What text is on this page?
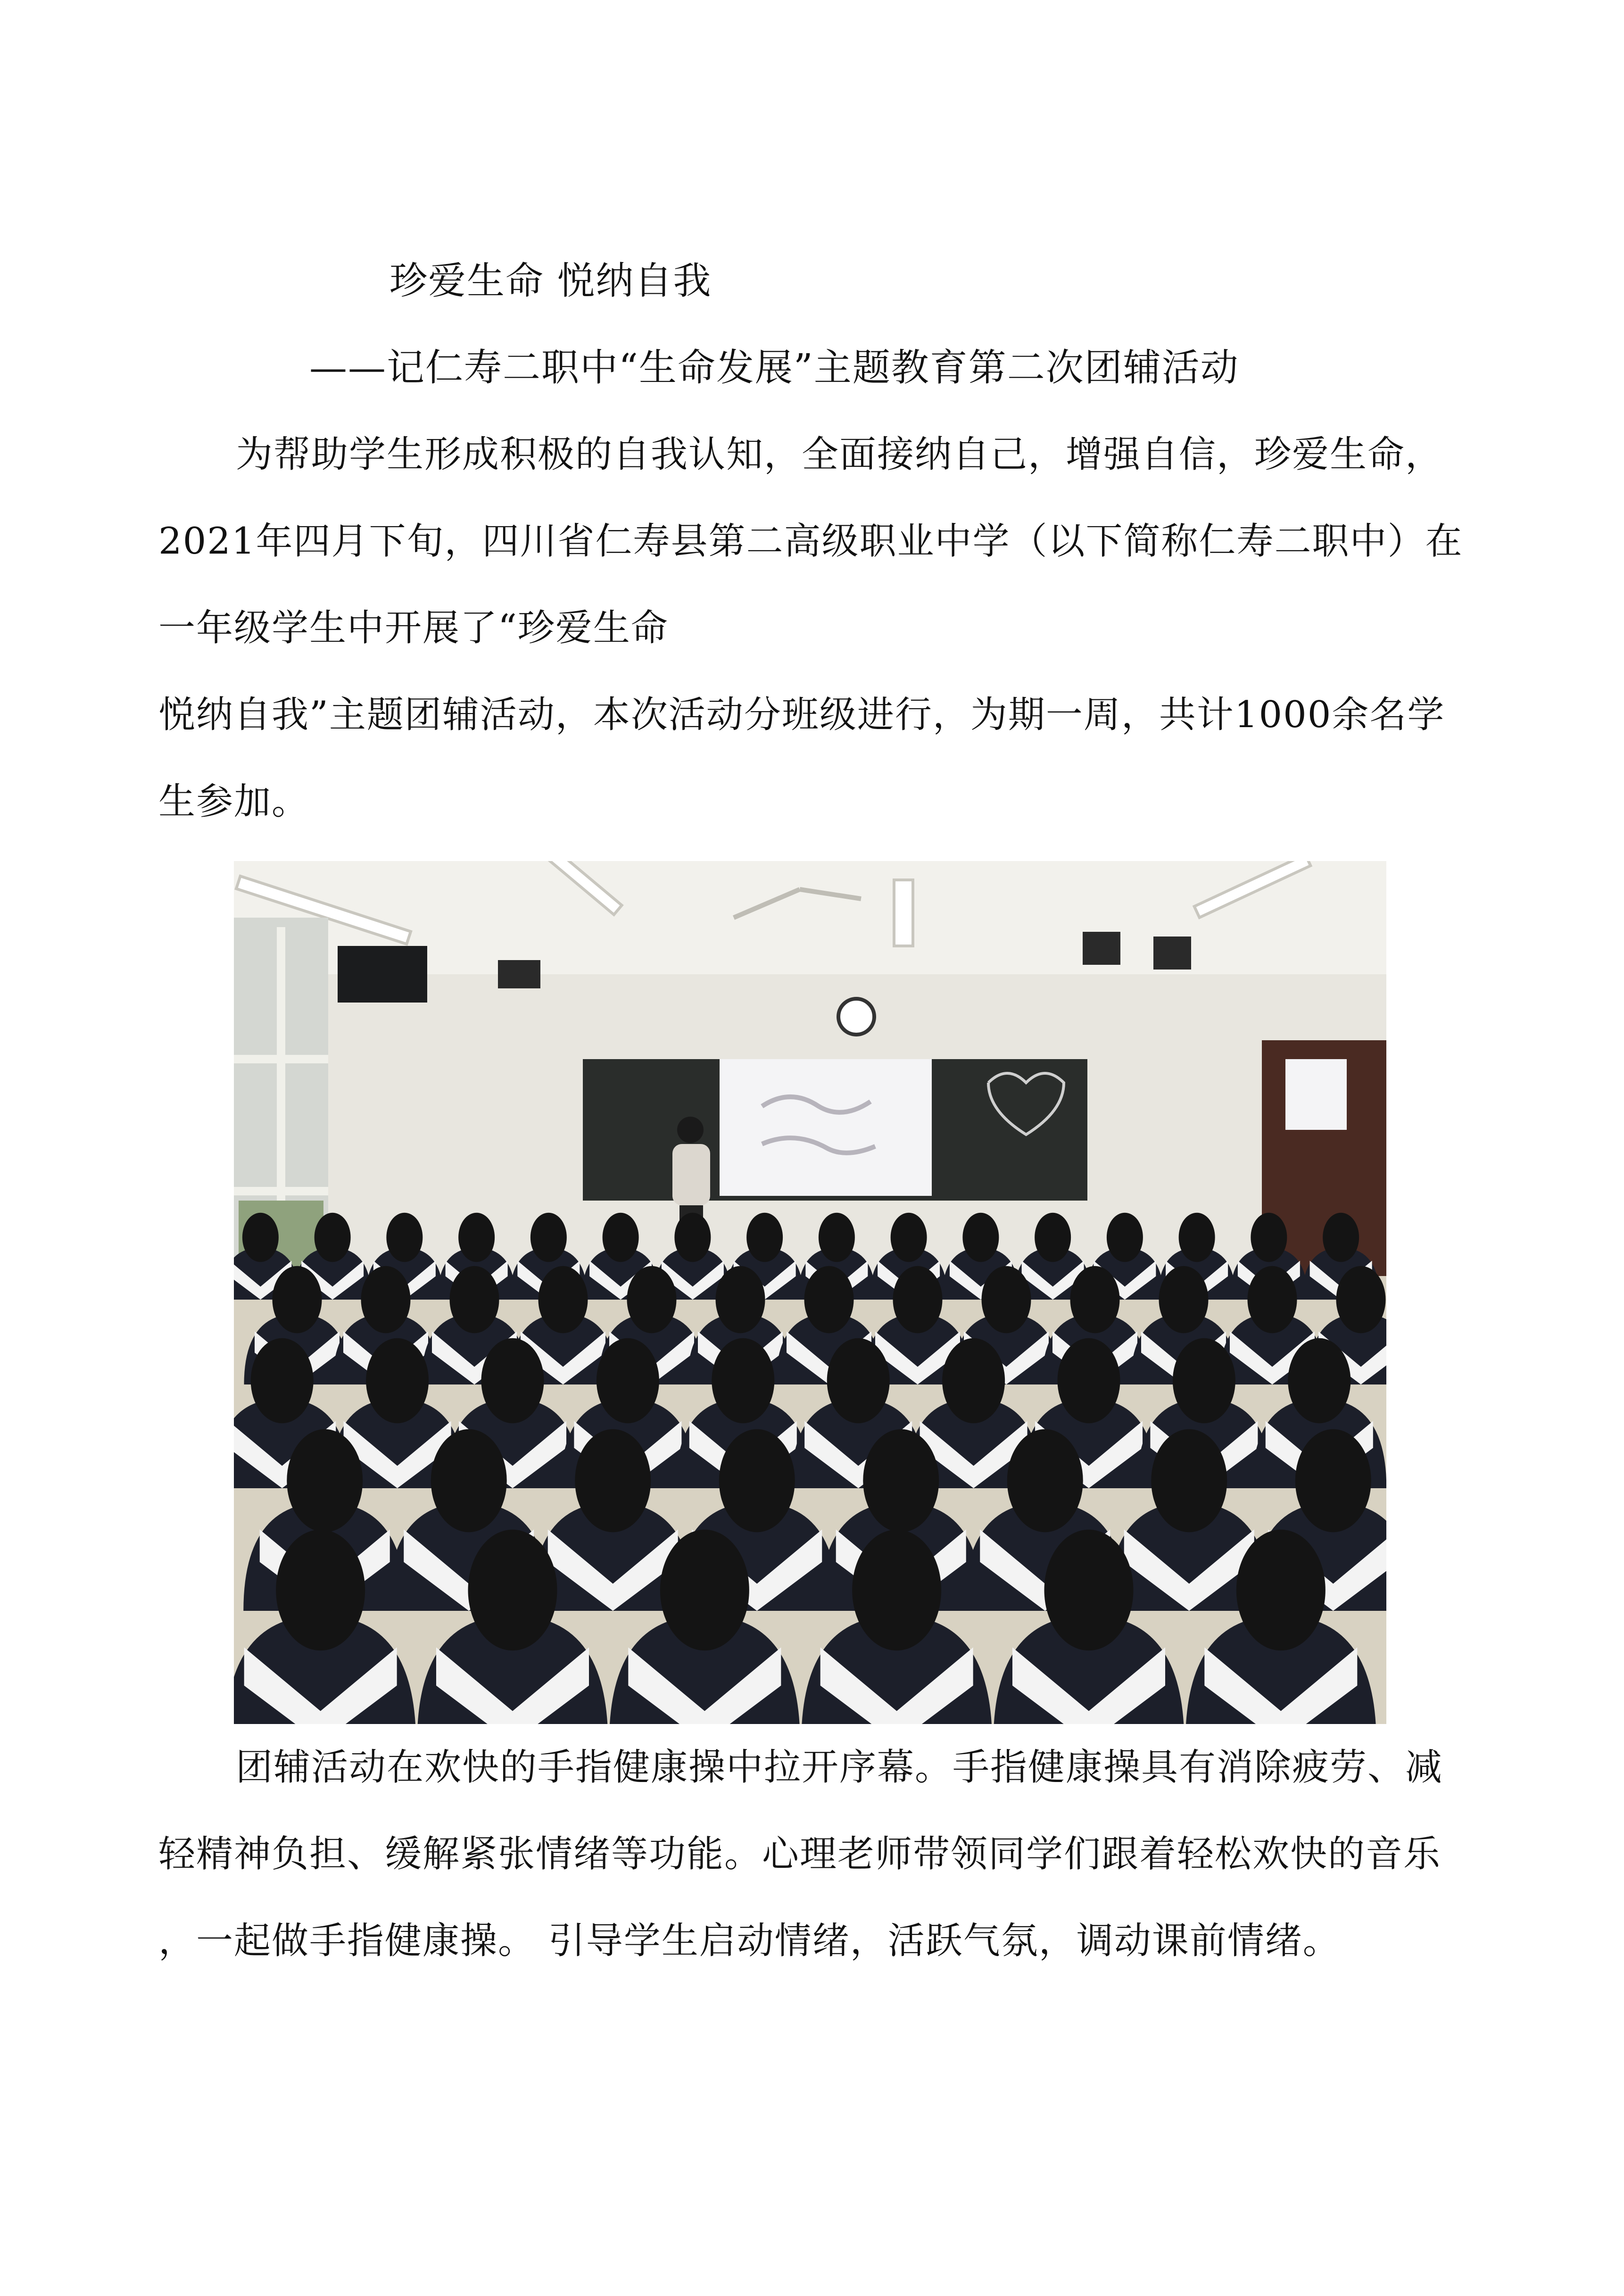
珍爱生命 悦纳自我
——记仁寿二职中“生命发展”主题教育第二次团辅活动
为帮助学生形成积极的自我认知，全面接纳自己，增强自信，珍爱生命，
2021年四月下旬，四川省仁寿县第二高级职业中学（以下简称仁寿二职中）在
一年级学生中开展了“珍爱生命
悦纳自我”主题团辅活动，本次活动分班级进行，为期一周，共计1000余名学
生参加。
团辅活动在欢快的手指健康操中拉开序幕。手指健康操具有消除疲劳、减
轻精神负担、缓解紧张情绪等功能。心理老师带领同学们跟着轻松欢快的音乐
，一起做手指健康操。 引导学生启动情绪，活跃气氛，调动课前情绪。
